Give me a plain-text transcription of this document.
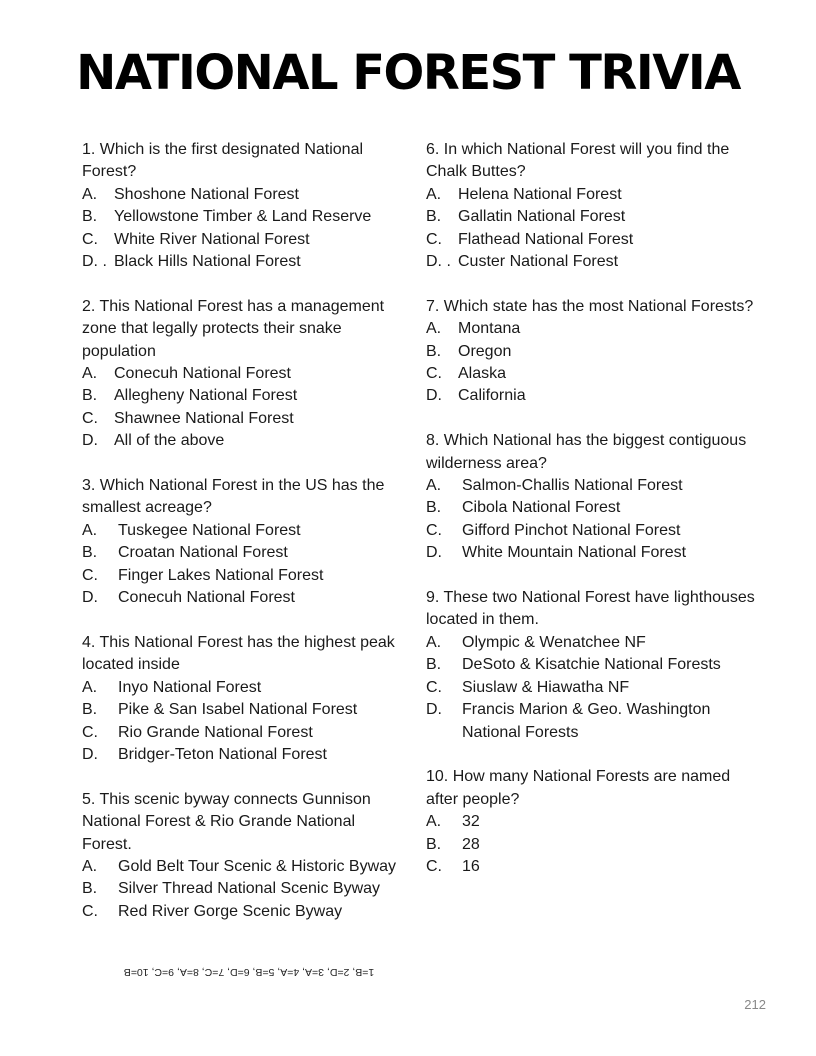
NATIONAL FOREST TRIVIA
1. Which is the first designated National Forest?
A.	Shoshone National Forest
B.	Yellowstone Timber & Land Reserve
C.	White River National Forest
D. . Black Hills National Forest
2. This National Forest has a management zone that legally protects their snake population
A.	Conecuh National Forest
B.	Allegheny National Forest
C.	Shawnee National Forest
D.	All of the above
3. Which National Forest in the US has the smallest acreage?
A.	Tuskegee National Forest
B.	Croatan National Forest
C.	Finger Lakes National Forest
D.	Conecuh National Forest
4. This National Forest has the highest peak located inside
A.	Inyo National Forest
B.	Pike & San Isabel National Forest
C.	Rio Grande National Forest
D.	Bridger-Teton National Forest
5. This scenic byway connects Gunnison National Forest & Rio Grande National Forest.
A. Gold Belt Tour Scenic & Historic Byway
B.	Silver Thread National Scenic Byway
C.	Red River Gorge Scenic Byway
6. In which National Forest will you find the Chalk Buttes?
A.	Helena National Forest
B.	Gallatin National Forest
C.	Flathead National Forest
D. . Custer National Forest
7. Which state has the most National Forests?
A.	Montana
B.	Oregon
C.	Alaska
D.	California
8. Which National has the biggest contiguous wilderness area?
A.	Salmon-Challis National Forest
B.	Cibola National Forest
C.	Gifford Pinchot National Forest
D.	White Mountain National Forest
9. These two National Forest have lighthouses located in them.
A.	Olympic & Wenatchee NF
B.	DeSoto & Kisatchie National Forests
C.	Siuslaw & Hiawatha NF
D.	Francis Marion & Geo. Washington National Forests
10. How many National Forests are named after people?
A.	32
B.	28
C.	16
1=B, 2=D, 3=A, 4=A, 5=B, 6=D, 7=C, 8=A, 9=C, 10=B
212
